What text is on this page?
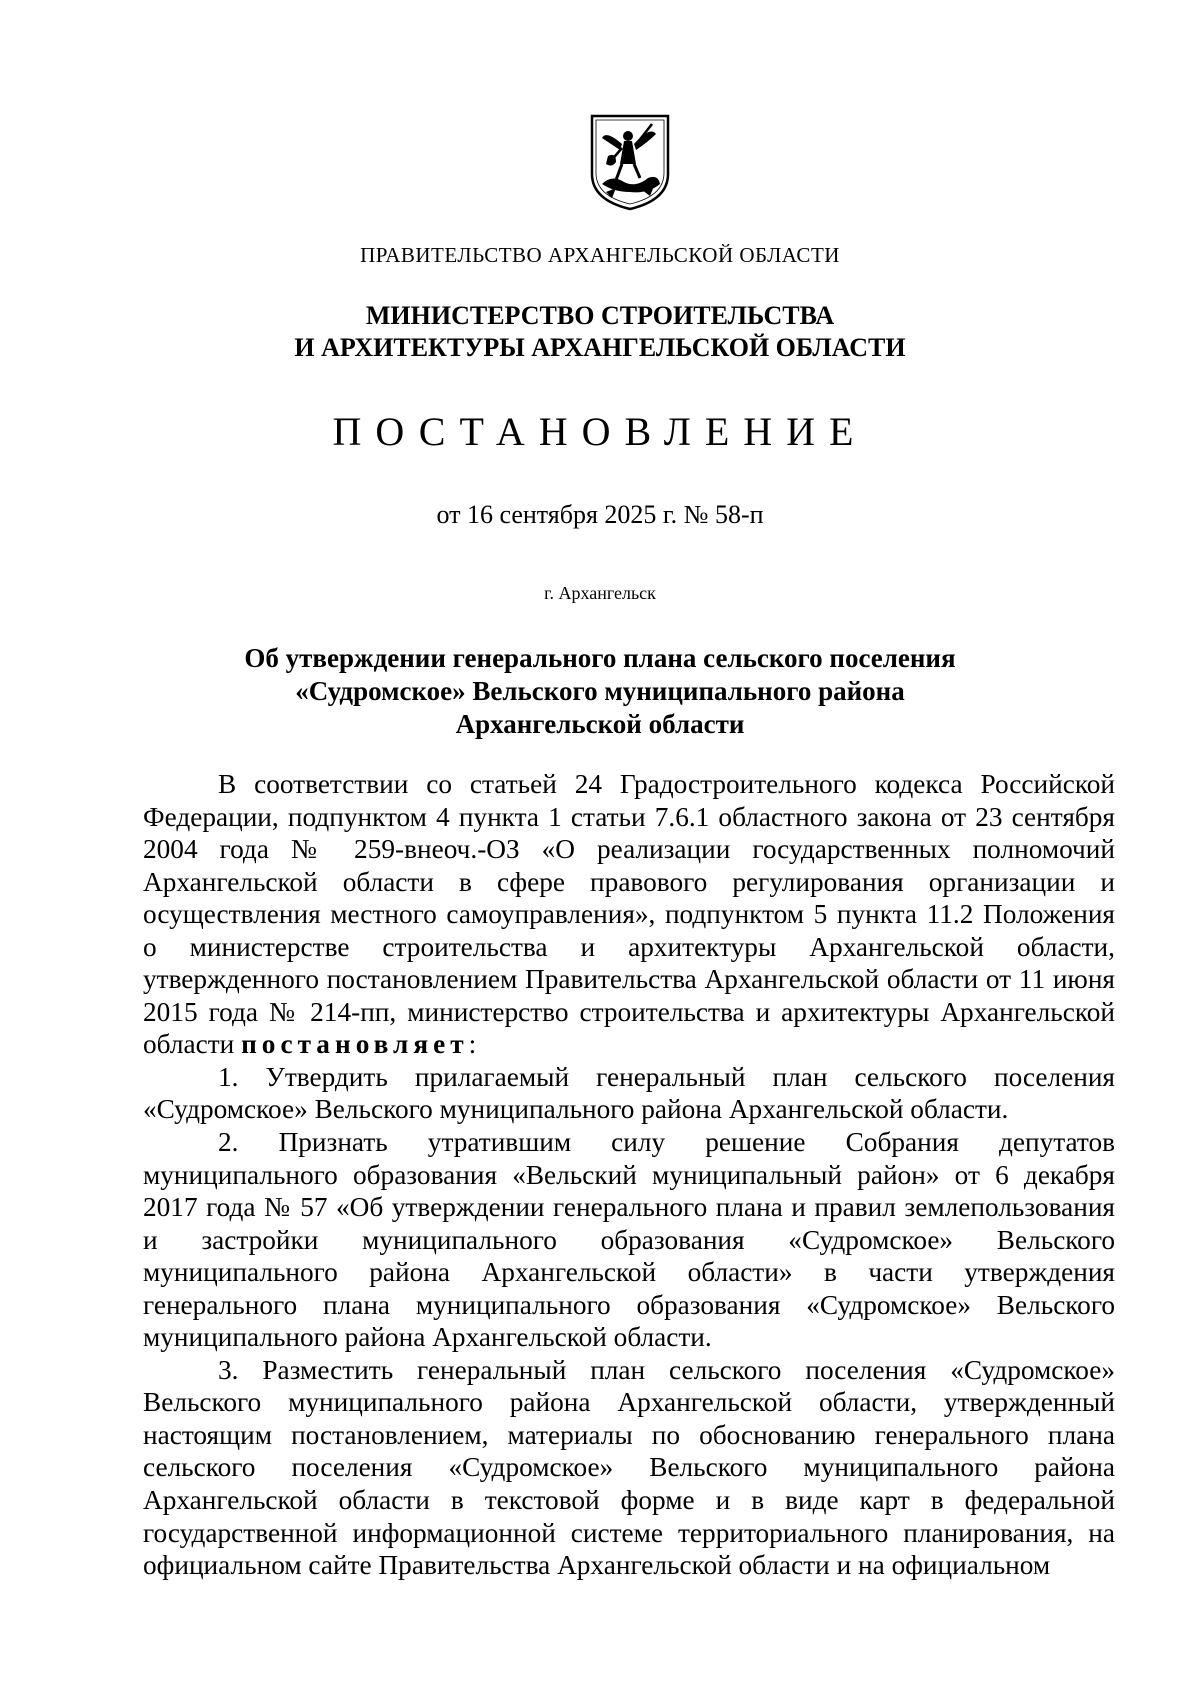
ПРАВИТЕЛЬСТВО АРХАНГЕЛЬСКОЙ ОБЛАСТИ
МИНИСТЕРСТВО СТРОИТЕЛЬСТВА
И АРХИТЕКТУРЫ АРХАНГЕЛЬСКОЙ ОБЛАСТИ
ПОСТАНОВЛЕНИЕ
от 16 сентября 2025 г. № 58-п
г. Архангельск
Об утверждении генерального плана сельского поселения
«Судромское» Вельского муниципального района
Архангельской области

В соответствии со статьей 24 Градостроительного кодекса Российской Федерации, подпунктом 4 пункта 1 статьи 7.6.1 областного закона от 23 сентября 2004 года № 259-внеоч.-ОЗ «О реализации государственных полномочий Архангельской области в сфере правового регулирования организации и осуществления местного самоуправления», подпунктом 5 пункта 11.2 Положения о министерстве строительства и архитектуры Архангельской области, утвержденного постановлением Правительства Архангельской области от 11 июня 2015 года № 214-пп, министерство строительства и архитектуры Архангельской области постановляет:

1. Утвердить прилагаемый генеральный план сельского поселения «Судромское» Вельского муниципального района Архангельской области.

2. Признать утратившим силу решение Собрания депутатов муниципального образования «Вельский муниципальный район» от 6 декабря 2017 года № 57 «Об утверждении генерального плана и правил землепользования и застройки муниципального образования «Судромское» Вельского муниципального района Архангельской области» в части утверждения генерального плана муниципального образования «Судромское» Вельского муниципального района Архангельской области.

3. Разместить генеральный план сельского поселения «Судромское» Вельского муниципального района Архангельской области, утвержденный настоящим постановлением, материалы по обоснованию генерального плана сельского поселения «Судромское» Вельского муниципального района Архангельской области в текстовой форме и в виде карт в федеральной государственной информационной системе территориального планирования, на официальном сайте Правительства Архангельской области и на официальном
